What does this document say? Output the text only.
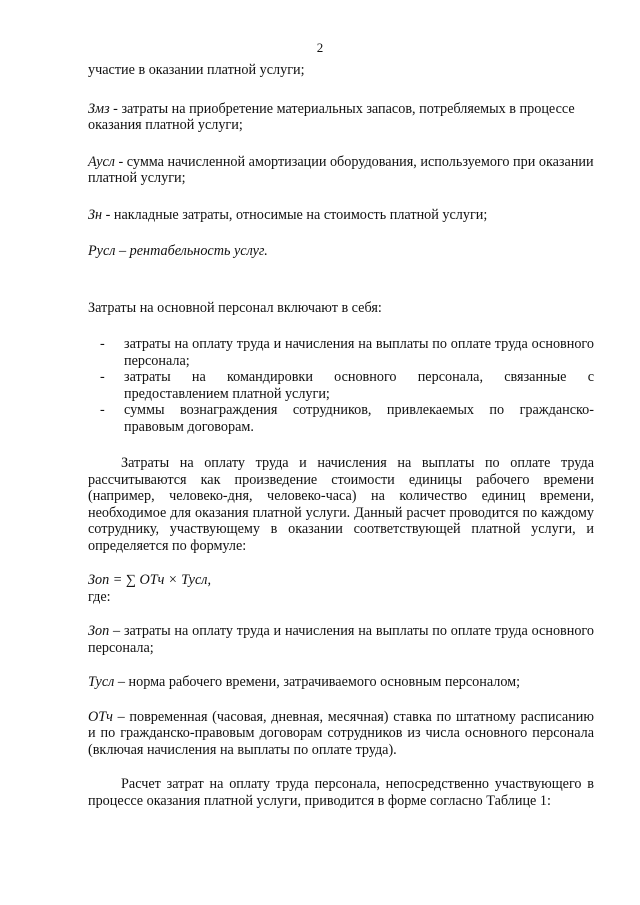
2

участие в оказании платной услуги;

Змз - затраты на приобретение материальных запасов, потребляемых в процессе оказания платной услуги;

Аусл - сумма начисленной амортизации оборудования, используемого при оказании платной услуги;

Зн - накладные затраты, относимые на стоимость платной услуги;

Русл – рентабельность услуг.

Затраты на основной персонал включают в себя:

- затраты на оплату труда и начисления на выплаты по оплате труда основного персонала;
- затраты на командировки основного персонала, связанные с предоставлением платной услуги;
- суммы вознаграждения сотрудников, привлекаемых по гражданско-правовым договорам.

Затраты на оплату труда и начисления на выплаты по оплате труда рассчитываются как произведение стоимости единицы рабочего времени (например, человеко-дня, человеко-часа) на количество единиц времени, необходимое для оказания платной услуги. Данный расчет проводится по каждому сотруднику, участвующему в оказании соответствующей платной услуги, и определяется по формуле:

Зоп = ∑ ОТч × Тусл,

где:

Зоп – затраты на оплату труда и начисления на выплаты по оплате труда основного персонала;

Тусл – норма рабочего времени, затрачиваемого основным персоналом;

ОТч – повременная (часовая, дневная, месячная) ставка по штатному расписанию и по гражданско-правовым договорам сотрудников из числа основного персонала (включая начисления на выплаты по оплате труда).

Расчет затрат на оплату труда персонала, непосредственно участвующего в процессе оказания платной услуги, приводится в форме согласно Таблице 1:
